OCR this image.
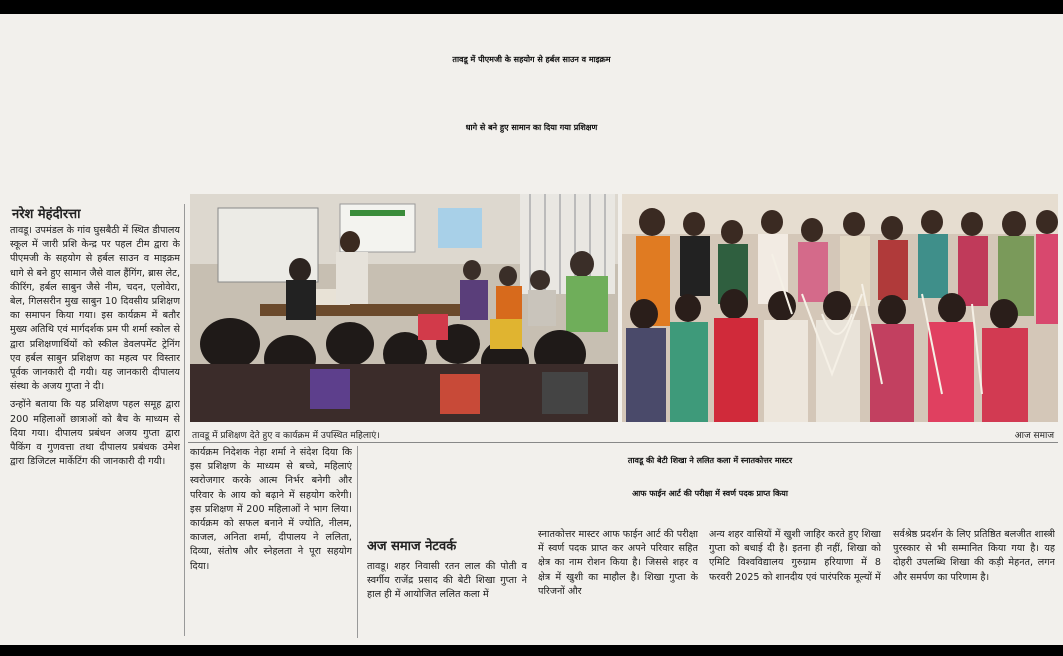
तावडू में पीएमजी के सहयोग से हर्बल साउन व माइक्रम
धागे से बने हुए सामान का दिया गया प्रशिक्षण
नरेश मेहंदीरत्ता

तावडू। उपमंडल के गांव घुसबैठी में स्थित डीपालय स्कूल में जारी प्रशि केन्द्र पर पहल टीम द्वारा के पीएमजी के सहयोग से हर्बल साउन व माइक्रम धागे से बने हुए सामान जैसे वाल हैंगिंग, ब्रास लेट, कीरिंग, हर्बल साबुन जैसे नीम, चदन, एलोवेरा, बेल, गिलसरीन मुख साबुन 10 दिवसीय प्रशिक्षण का समापन किया गया। इस कार्यक्रम में बतौर मुख्य अतिथि एवं मार्गदर्शक प्रम पी शर्मा स्कोल से द्वारा प्रशिक्षणार्थियों को स्कील डेवलपमेंट ट्रेनिंग एव हर्बल साबुन प्रशिक्षण का महत्व पर विस्तार पूर्वक जानकारी दी गयी। यह जानकारी दीपालय संस्था के अजय गुप्ता ने दी।

उन्होंने बताया कि यह प्रशिक्षण पहल समूह द्वारा 200 महिलाओं छात्राओं को बैच के माध्यम से दिया गया। दीपालय प्रबंधन अजय गुप्ता द्वारा पैकिंग व गुणवत्ता तथा दीपालय प्रबंधक उमेश द्वारा डिजिटल मार्केटिंग की जानकारी दी गयी।

तावडू में प्रशिक्षण देते हुए व कार्यक्रम में उपस्थित महिलाएं।	आज समाज

कार्यक्रम निदेशक नेहा शर्मा ने संदेश दिया कि इस प्रशिक्षण के माध्यम से बच्चे, महिलाएं स्वरोजगार करके आत्म निर्भर बनेगी और परिवार के आय को बढ़ाने में सहयोग करेगी। इस प्रशिक्षण में 200 महिलाओं ने भाग लिया। कार्यक्रम को सफल बनाने में ज्योति, नीलम, काजल, अनिता शर्मा, दीपालय ने ललिता, दिव्या, संतोष और स्नेहलता ने पूरा सहयोग दिया।

तावडू की बेटी शिखा ने ललित कला में स्नातकोत्तर मास्टर
आफ फाईन आर्ट की परीक्षा में स्वर्ण पदक प्राप्त किया
अज समाज नेटवर्क

तावडू। शहर निवासी रतन लाल की पोती व स्वर्गीय राजेंद्र प्रसाद की बेटी शिखा गुप्ता ने हाल ही में आयोजित ललित कला में

स्नातकोत्तर मास्टर आफ फाईन आर्ट की परीक्षा में स्वर्ण पदक प्राप्त कर अपने परिवार सहित क्षेत्र का नाम रोशन किया है। जिससे शहर व क्षेत्र में खुशी का माहौल है। शिखा गुप्ता के परिजनों और

अन्य शहर वासियों में खुशी जाहिर करते हुए शिखा गुप्ता को बधाई दी है। इतना ही नहीं, शिखा को एमिटि विश्वविद्यालय गुरुग्राम हरियाणा में 8 फरवरी 2025 को शानदीय एवं पारंपरिक मूल्यों में

सर्वश्रेष्ठ प्रदर्शन के लिए प्रतिष्ठित बलजीत शास्त्री पुरस्कार से भी सम्मानित किया गया है। यह दोहरी उपलब्धि शिखा की कड़ी मेहनत, लगन और समर्पण का परिणाम है।
